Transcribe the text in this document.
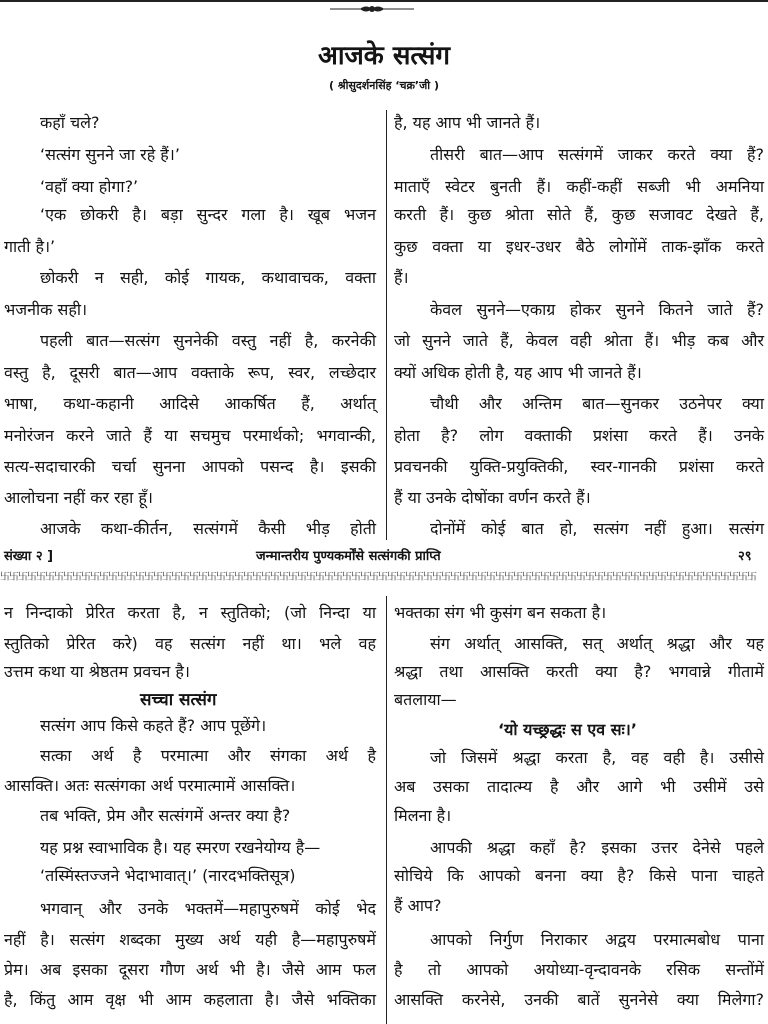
आजके सत्संग
( श्रीसुदर्शनसिंह ‘चक्र’जी )
कहाँ चले?
‘सत्संग सुनने जा रहे हैं।’
‘वहाँ क्या होगा?’
‘एक छोकरी है। बड़ा सुन्दर गला है। खूब भजन
गाती है।’
छोकरी न सही, कोई गायक, कथावाचक, वक्ता
भजनीक सही।
पहली बात—सत्संग सुननेकी वस्तु नहीं है, करनेकी
वस्तु है, दूसरी बात—आप वक्ताके रूप, स्वर, लच्छेदार
भाषा, कथा-कहानी आदिसे आकर्षित हैं, अर्थात्
मनोरंजन करने जाते हैं या सचमुच परमार्थको; भगवान्की,
सत्य-सदाचारकी चर्चा सुनना आपको पसन्द है। इसकी
आलोचना नहीं कर रहा हूँ।
आजके कथा-कीर्तन, सत्संगमें कैसी भीड़ होती
है, यह आप भी जानते हैं।
तीसरी बात—आप सत्संगमें जाकर करते क्या हैं?
माताएँ स्वेटर बुनती हैं। कहीं-कहीं सब्जी भी अमनिया
करती हैं। कुछ श्रोता सोते हैं, कुछ सजावट देखते हैं,
कुछ वक्ता या इधर-उधर बैठे लोगोंमें ताक-झाँक करते
हैं।
केवल सुनने—एकाग्र होकर सुनने कितने जाते हैं?
जो सुनने जाते हैं, केवल वही श्रोता हैं। भीड़ कब और
क्यों अधिक होती है, यह आप भी जानते हैं।
चौथी और अन्तिम बात—सुनकर उठनेपर क्या
होता है? लोग वक्ताकी प्रशंसा करते हैं। उनके
प्रवचनकी युक्ति-प्रयुक्तिकी, स्वर-गानकी प्रशंसा करते
हैं या उनके दोषोंका वर्णन करते हैं।
दोनोंमें कोई बात हो, सत्संग नहीं हुआ। सत्संग
संख्या २ ]	जन्मान्तरीय पुण्यकर्मोंसे सत्संगकी प्राप्ति	२९
卐卐卐卐卐卐卐卐卐卐卐卐卐卐卐卐卐卐卐卐卐卐卐卐卐卐卐卐卐卐卐卐卐卐卐卐卐卐卐卐卐卐卐卐卐卐卐卐卐卐卐卐卐卐卐卐卐卐卐卐卐卐卐卐卐卐卐卐卐卐卐卐卐卐卐卐卐卐卐卐卐卐卐卐
न निन्दाको प्रेरित करता है, न स्तुतिको; (जो निन्दा या
स्तुतिको प्रेरित करे) वह सत्संग नहीं था। भले वह
उत्तम कथा या श्रेष्ठतम प्रवचन है।
सच्चा सत्संग
सत्संग आप किसे कहते हैं? आप पूछेंगे।
सत्का अर्थ है परमात्मा और संगका अर्थ है
आसक्ति। अतः सत्संगका अर्थ परमात्मामें आसक्ति।
तब भक्ति, प्रेम और सत्संगमें अन्तर क्या है?
यह प्रश्न स्वाभाविक है। यह स्मरण रखनेयोग्य है—
‘तस्मिंस्तज्जने भेदाभावात्।’ (नारदभक्तिसूत्र)
भगवान् और उनके भक्तमें—महापुरुषमें कोई भेद
नहीं है। सत्संग शब्दका मुख्य अर्थ यही है—महापुरुषमें
प्रेम। अब इसका दूसरा गौण अर्थ भी है। जैसे आम फल
है, किंतु आम वृक्ष भी आम कहलाता है। जैसे भक्तिका
भक्तका संग भी कुसंग बन सकता है।
संग अर्थात् आसक्ति, सत् अर्थात् श्रद्धा और यह
श्रद्धा तथा आसक्ति करती क्या है? भगवान्ने गीतामें
बतलाया—
‘यो यच्छ्रद्धः स एव सः।’
जो जिसमें श्रद्धा करता है, वह वही है। उसीसे
अब उसका तादात्म्य है और आगे भी उसीमें उसे
मिलना है।
आपकी श्रद्धा कहाँ है? इसका उत्तर देनेसे पहले
सोचिये कि आपको बनना क्या है? किसे पाना चाहते
हैं आप?
आपको निर्गुण निराकार अद्वय परमात्मबोध पाना
है तो आपको अयोध्या-वृन्दावनके रसिक सन्तोंमें
आसक्ति करनेसे, उनकी बातें सुननेसे क्या मिलेगा?
